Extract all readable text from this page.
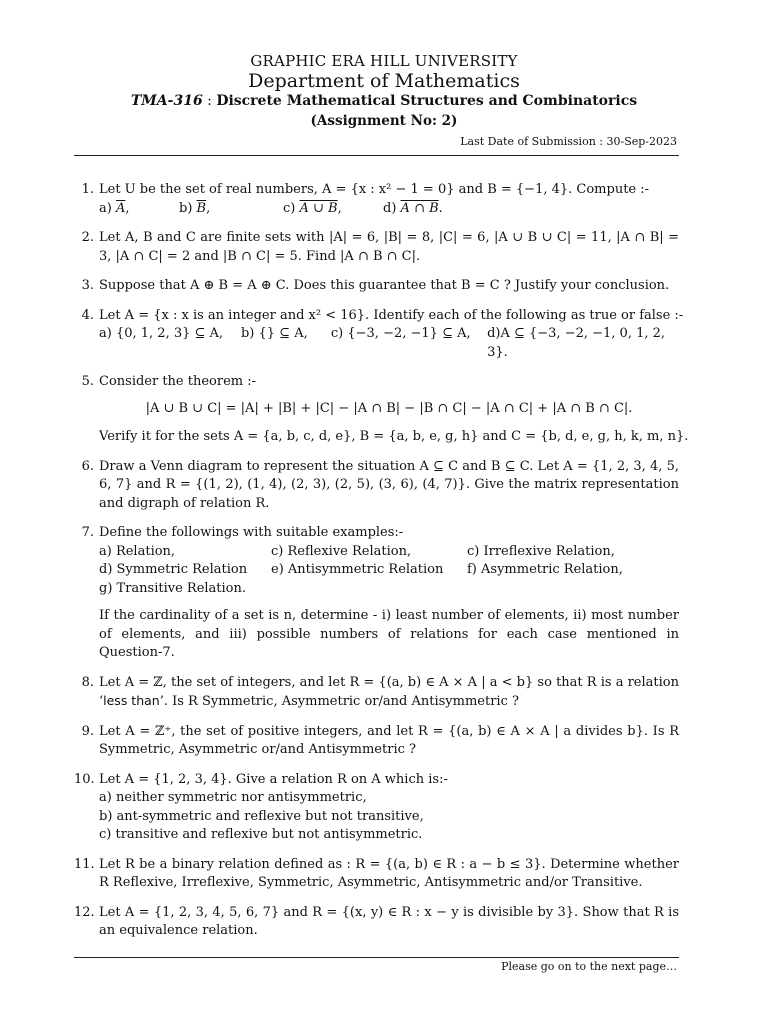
GRAPHIC ERA HILL UNIVERSITY
Department of Mathematics
TMA-316 : Discrete Mathematical Structures and Combinatorics
(Assignment No: 2)
Last Date of Submission : 30-Sep-2023
1. Let U be the set of real numbers, A = {x : x² − 1 = 0} and B = {−1, 4}. Compute :-
a) $\overline{A}$,	b) $\overline{B}$,	c) A ∪ B,	d) A ∩ B.
2. Let A, B and C are finite sets with |A| = 6, |B| = 8, |C| = 6, |A ∪ B ∪ C| = 11, |A ∩ B| = 3, |A ∩ C| = 2 and |B ∩ C| = 5. Find |A ∩ B ∩ C|.
3. Suppose that A ⊕ B = A ⊕ C. Does this guarantee that B = C ? Justify your conclusion.
4. Let A = {x : x is an integer and x² < 16}. Identify each of the following as true or false :-
a) {0, 1, 2, 3} ⊆ A,	b) {} ⊆ A,	c) {−3, −2, −1} ⊆ A,	d)A ⊆ {−3, −2, −1, 0, 1, 2, 3}.
5. Consider the theorem :-
|A ∪ B ∪ C| = |A| + |B| + |C| − |A ∩ B| − |B ∩ C| − |A ∩ C| + |A ∩ B ∩ C|.
Verify it for the sets A = {a, b, c, d, e}, B = {a, b, e, g, h} and C = {b, d, e, g, h, k, m, n}.
6. Draw a Venn diagram to represent the situation A ⊆ C and B ⊆ C. Let A = {1, 2, 3, 4, 5, 6, 7} and R = {(1, 2), (1, 4), (2, 3), (2, 5), (3, 6), (4, 7)}. Give the matrix representation and digraph of relation R.
7. Define the followings with suitable examples:-
a) Relation,	c) Reflexive Relation,	c) Irreflexive Relation,
d) Symmetric Relation	e) Antisymmetric Relation	f) Asymmetric Relation,
g) Transitive Relation.
If the cardinality of a set is n, determine - i) least number of elements, ii) most number of elements, and iii) possible numbers of relations for each case mentioned in Question-7.
8. Let A = ℤ, the set of integers, and let R = {(a, b) ∈ A × A | a < b} so that R is a relation ‘less than’. Is R Symmetric, Asymmetric or/and Antisymmetric ?
9. Let A = ℤ⁺, the set of positive integers, and let R = {(a, b) ∈ A × A | a divides b}. Is R Symmetric, Asymmetric or/and Antisymmetric ?
10. Let A = {1, 2, 3, 4}. Give a relation R on A which is:-
a) neither symmetric nor antisymmetric,
b) ant-symmetric and reflexive but not transitive,
c) transitive and reflexive but not antisymmetric.
11. Let R be a binary relation defined as : R = {(a, b) ∈ R : a − b ≤ 3}. Determine whether R Reflexive, Irreflexive, Symmetric, Asymmetric, Antisymmetric and/or Transitive.
12. Let A = {1, 2, 3, 4, 5, 6, 7} and R = {(x, y) ∈ R : x − y is divisible by 3}. Show that R is an equivalence relation.
Please go on to the next page…
